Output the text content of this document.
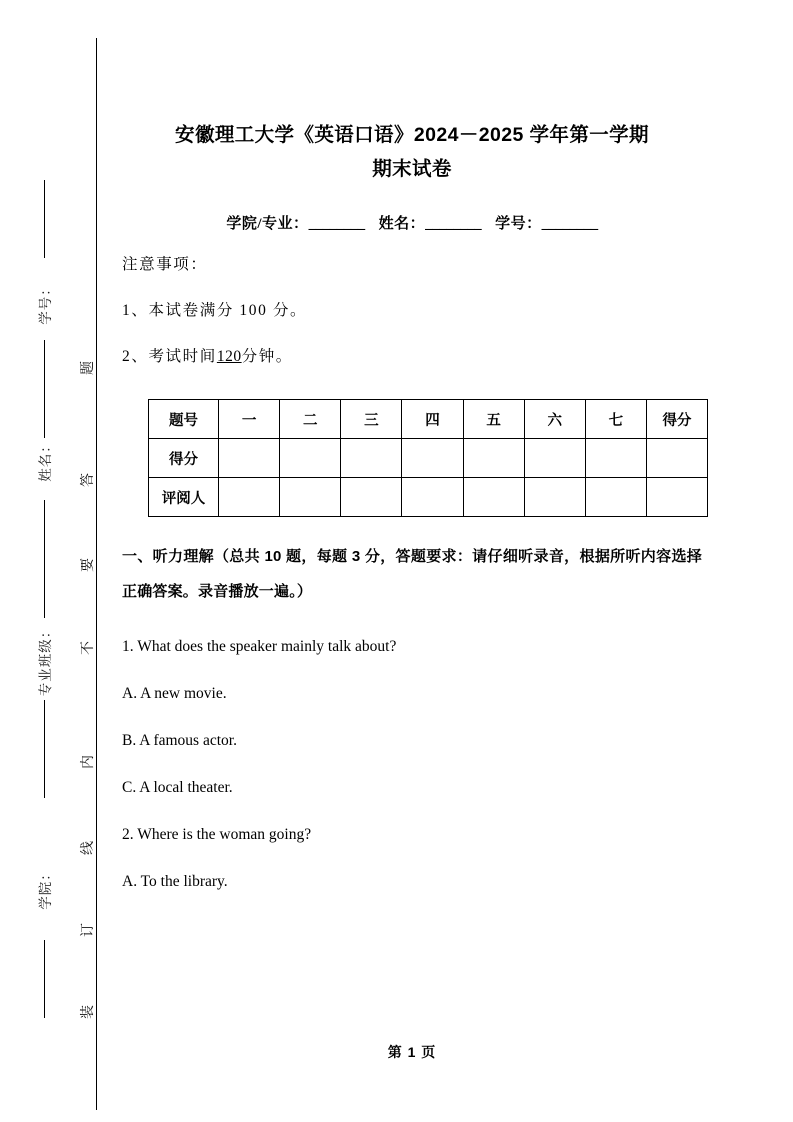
学号：
姓名：
专业班级：
学院：
题
答
要
不
内
线
订
装
安徽理工大学《英语口语》2024－2025 学年第一学期
期末试卷

学院/专业：________ 姓名：________ 学号：________

注意事项：

1、本试卷满分 100 分。

2、考试时间120分钟。

题号	一	二	三	四	五	六	七	得分
得分								
评阅人								

一、听力理解（总共 10 题，每题 3 分，答题要求：请仔细听录音，根据所听内容选择正确答案。录音播放一遍。）

1. What does the speaker mainly talk about?

A. A new movie.

B. A famous actor.

C. A local theater.

2. Where is the woman going?

A. To the library.

第 1 页
